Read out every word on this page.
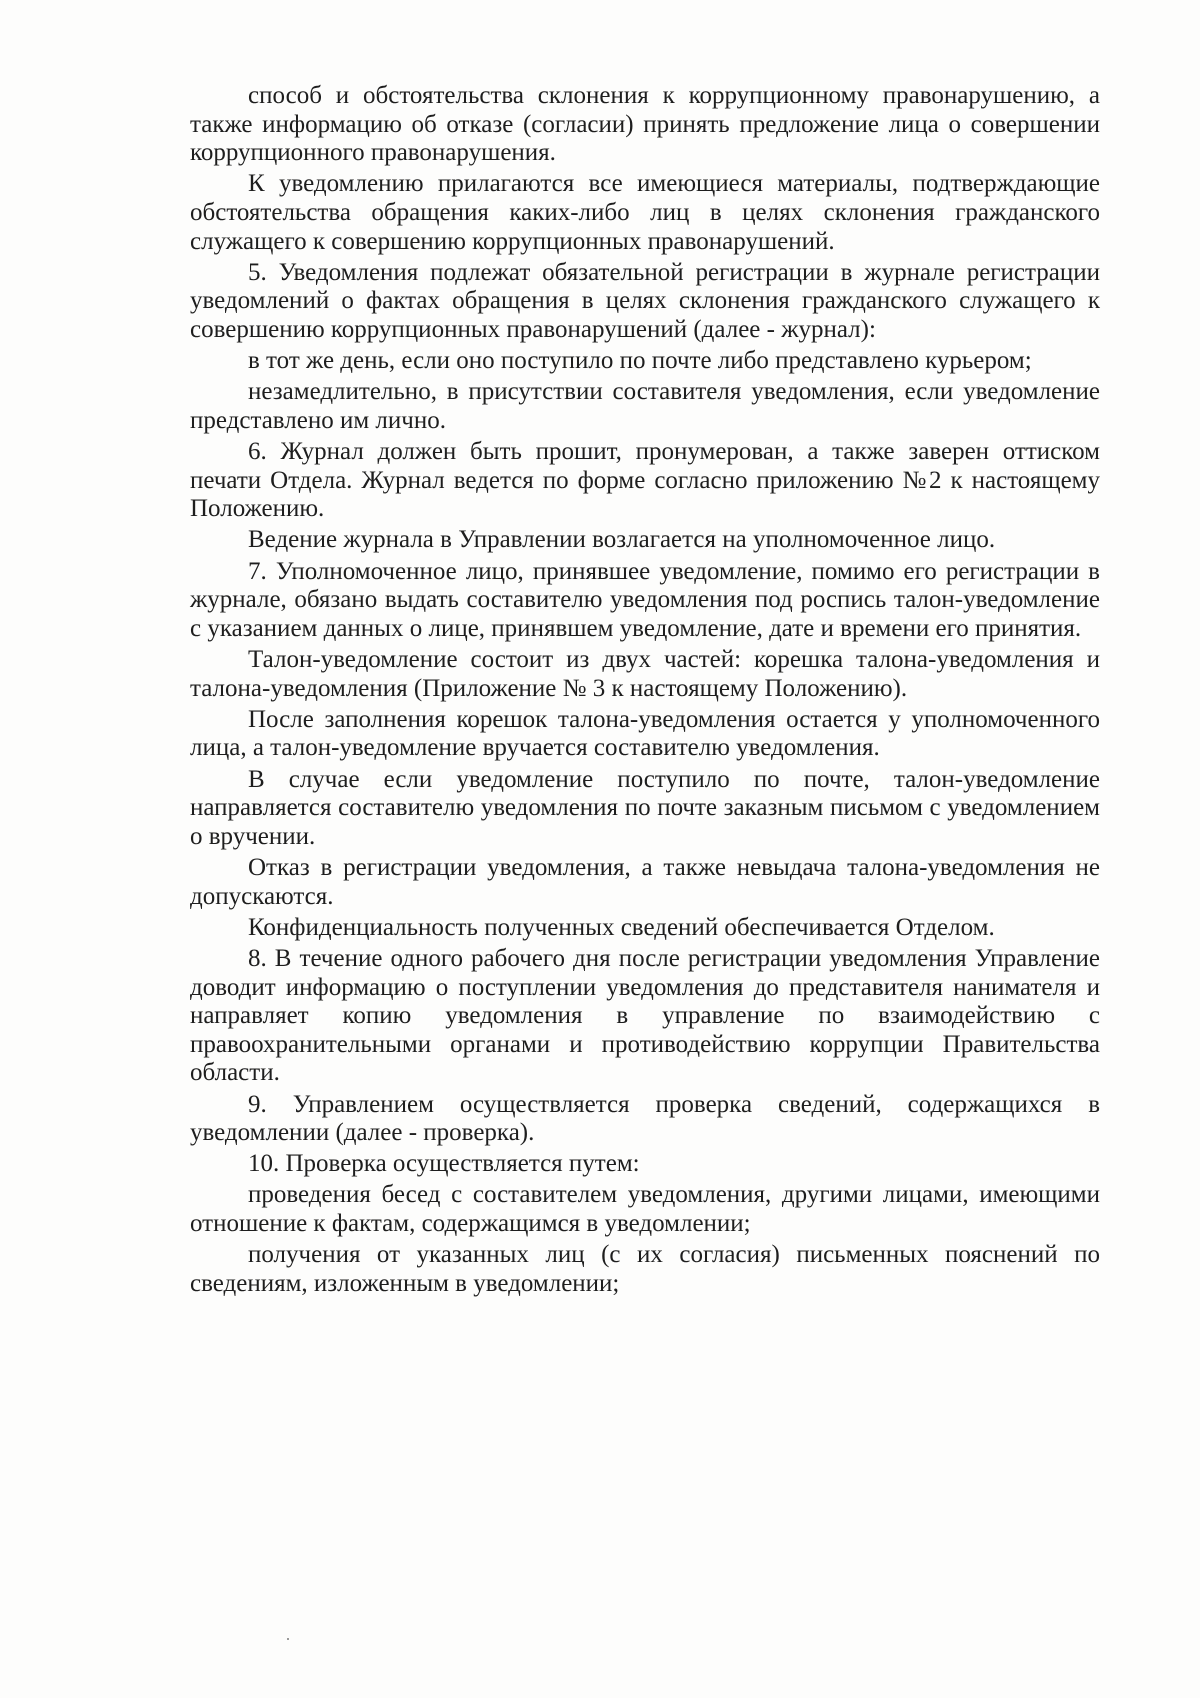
способ и обстоятельства склонения к коррупционному правонарушению, а также информацию об отказе (согласии) принять предложение лица о совершении коррупционного правонарушения.

К уведомлению прилагаются все имеющиеся материалы, подтверждающие обстоятельства обращения каких-либо лиц в целях склонения гражданского служащего к совершению коррупционных правонарушений.

5. Уведомления подлежат обязательной регистрации в журнале регистрации уведомлений о фактах обращения в целях склонения гражданского служащего к совершению коррупционных правонарушений (далее - журнал):

в тот же день, если оно поступило по почте либо представлено курьером;

незамедлительно, в присутствии составителя уведомления, если уведомление представлено им лично.

6. Журнал должен быть прошит, пронумерован, а также заверен оттиском печати Отдела. Журнал ведется по форме согласно приложению №2 к настоящему Положению.

Ведение журнала в Управлении возлагается на уполномоченное лицо.

7. Уполномоченное лицо, принявшее уведомление, помимо его регистрации в журнале, обязано выдать составителю уведомления под роспись талон-уведомление с указанием данных о лице, принявшем уведомление, дате и времени его принятия.

Талон-уведомление состоит из двух частей: корешка талона-уведомления и талона-уведомления (Приложение № 3 к настоящему Положению).

После заполнения корешок талона-уведомления остается у уполномоченного лица, а талон-уведомление вручается составителю уведомления.

В случае если уведомление поступило по почте, талон-уведомление направляется составителю уведомления по почте заказным письмом с уведомлением о вручении.

Отказ в регистрации уведомления, а также невыдача талона-уведомления не допускаются.

Конфиденциальность полученных сведений обеспечивается Отделом.

8. В течение одного рабочего дня после регистрации уведомления Управление доводит информацию о поступлении уведомления до представителя нанимателя и направляет копию уведомления в управление по взаимодействию с правоохранительными органами и противодействию коррупции Правительства области.

9. Управлением осуществляется проверка сведений, содержащихся в уведомлении (далее - проверка).

10. Проверка осуществляется путем:

проведения бесед с составителем уведомления, другими лицами, имеющими отношение к фактам, содержащимся в уведомлении;

получения от указанных лиц (с их согласия) письменных пояснений по сведениям, изложенным в уведомлении;
